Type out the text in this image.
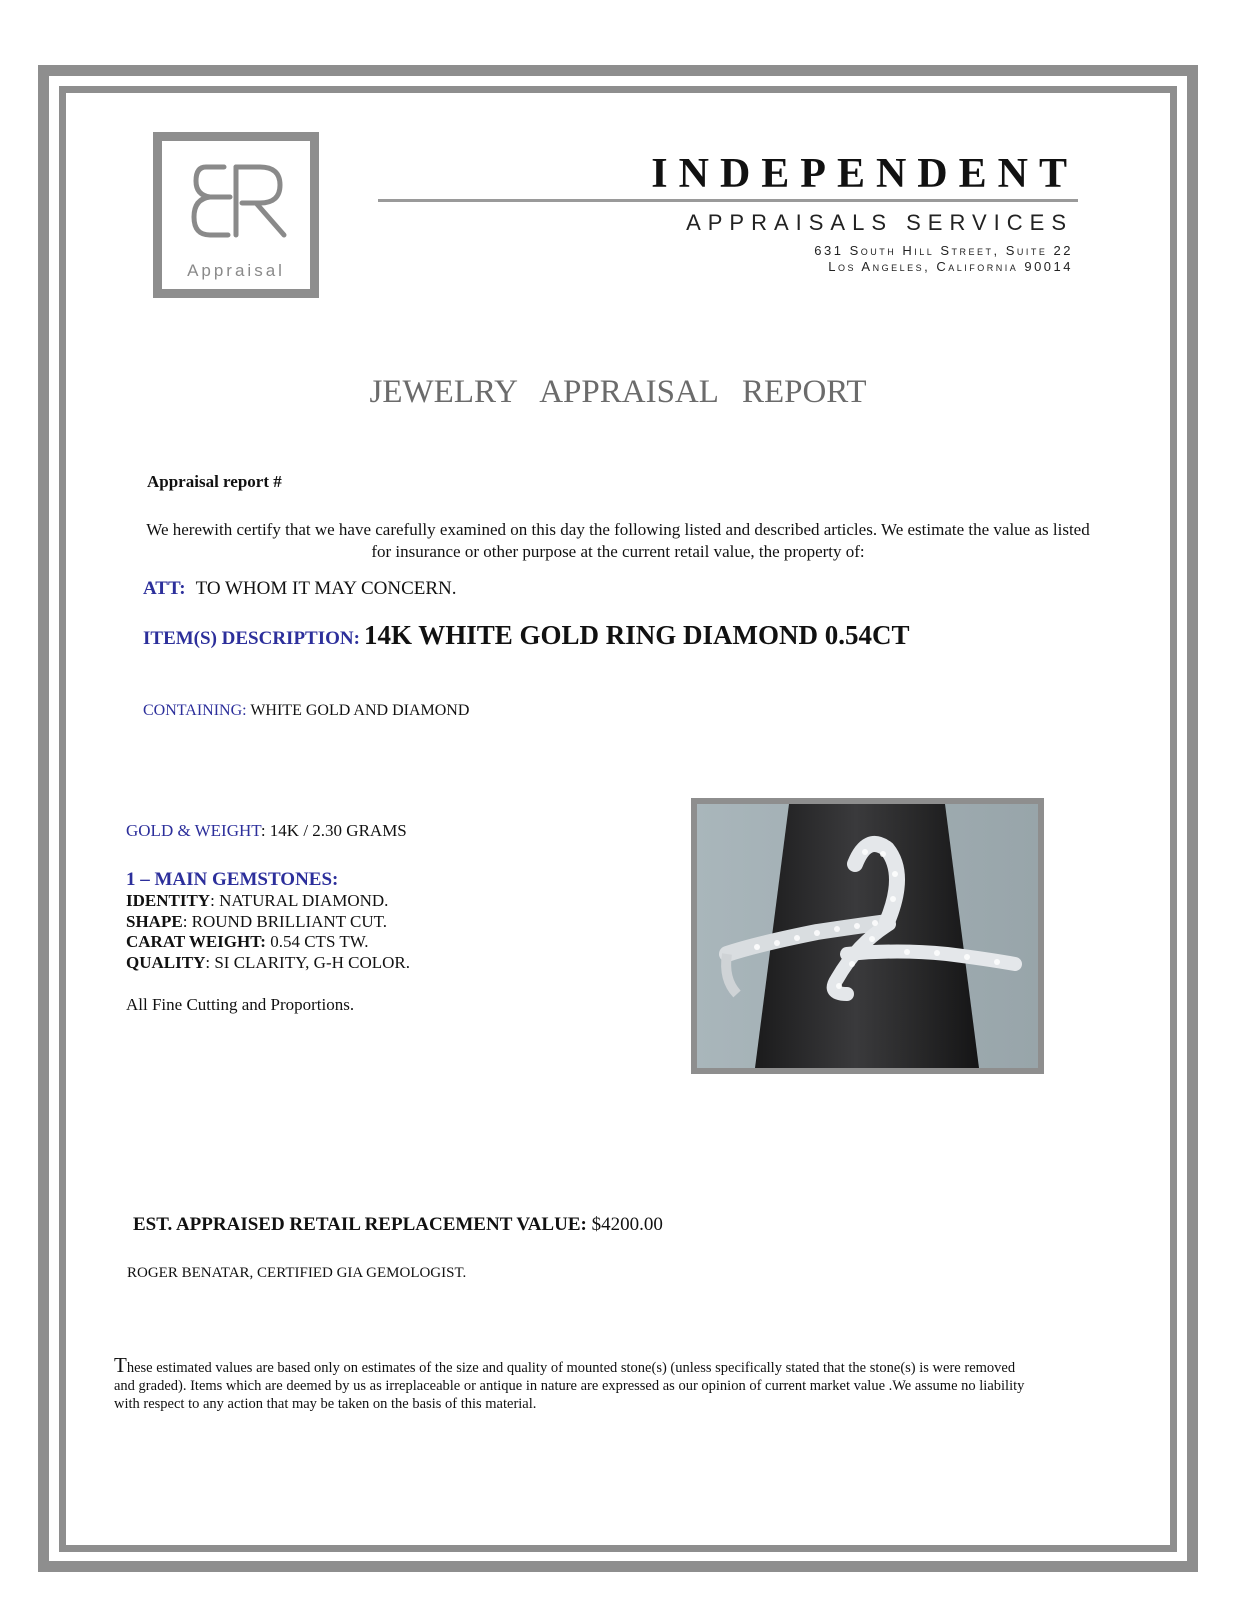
Appraisal
INDEPENDENT
APPRAISALS SERVICES
631 South Hill Street, Suite 22
Los Angeles, California 90014
JEWELRY APPRAISAL REPORT
Appraisal report #
We herewith certify that we have carefully examined on this day the following listed and described articles. We estimate the value as listed for insurance or other purpose at the current retail value, the property of:
ATT: TO WHOM IT MAY CONCERN.
ITEM(S) DESCRIPTION: 14K WHITE GOLD RING DIAMOND 0.54CT
CONTAINING: WHITE GOLD AND DIAMOND
GOLD & WEIGHT: 14K / 2.30 GRAMS
1 – MAIN GEMSTONES:
IDENTITY: NATURAL DIAMOND.
SHAPE: ROUND BRILLIANT CUT.
CARAT WEIGHT: 0.54 CTS TW.
QUALITY: SI CLARITY, G-H COLOR.
All Fine Cutting and Proportions.
EST. APPRAISED RETAIL REPLACEMENT VALUE: $4200.00
ROGER BENATAR, CERTIFIED GIA GEMOLOGIST.
These estimated values are based only on estimates of the size and quality of mounted stone(s) (unless specifically stated that the stone(s) is were removed and graded). Items which are deemed by us as irreplaceable or antique in nature are expressed as our opinion of current market value .We assume no liability with respect to any action that may be taken on the basis of this material.
